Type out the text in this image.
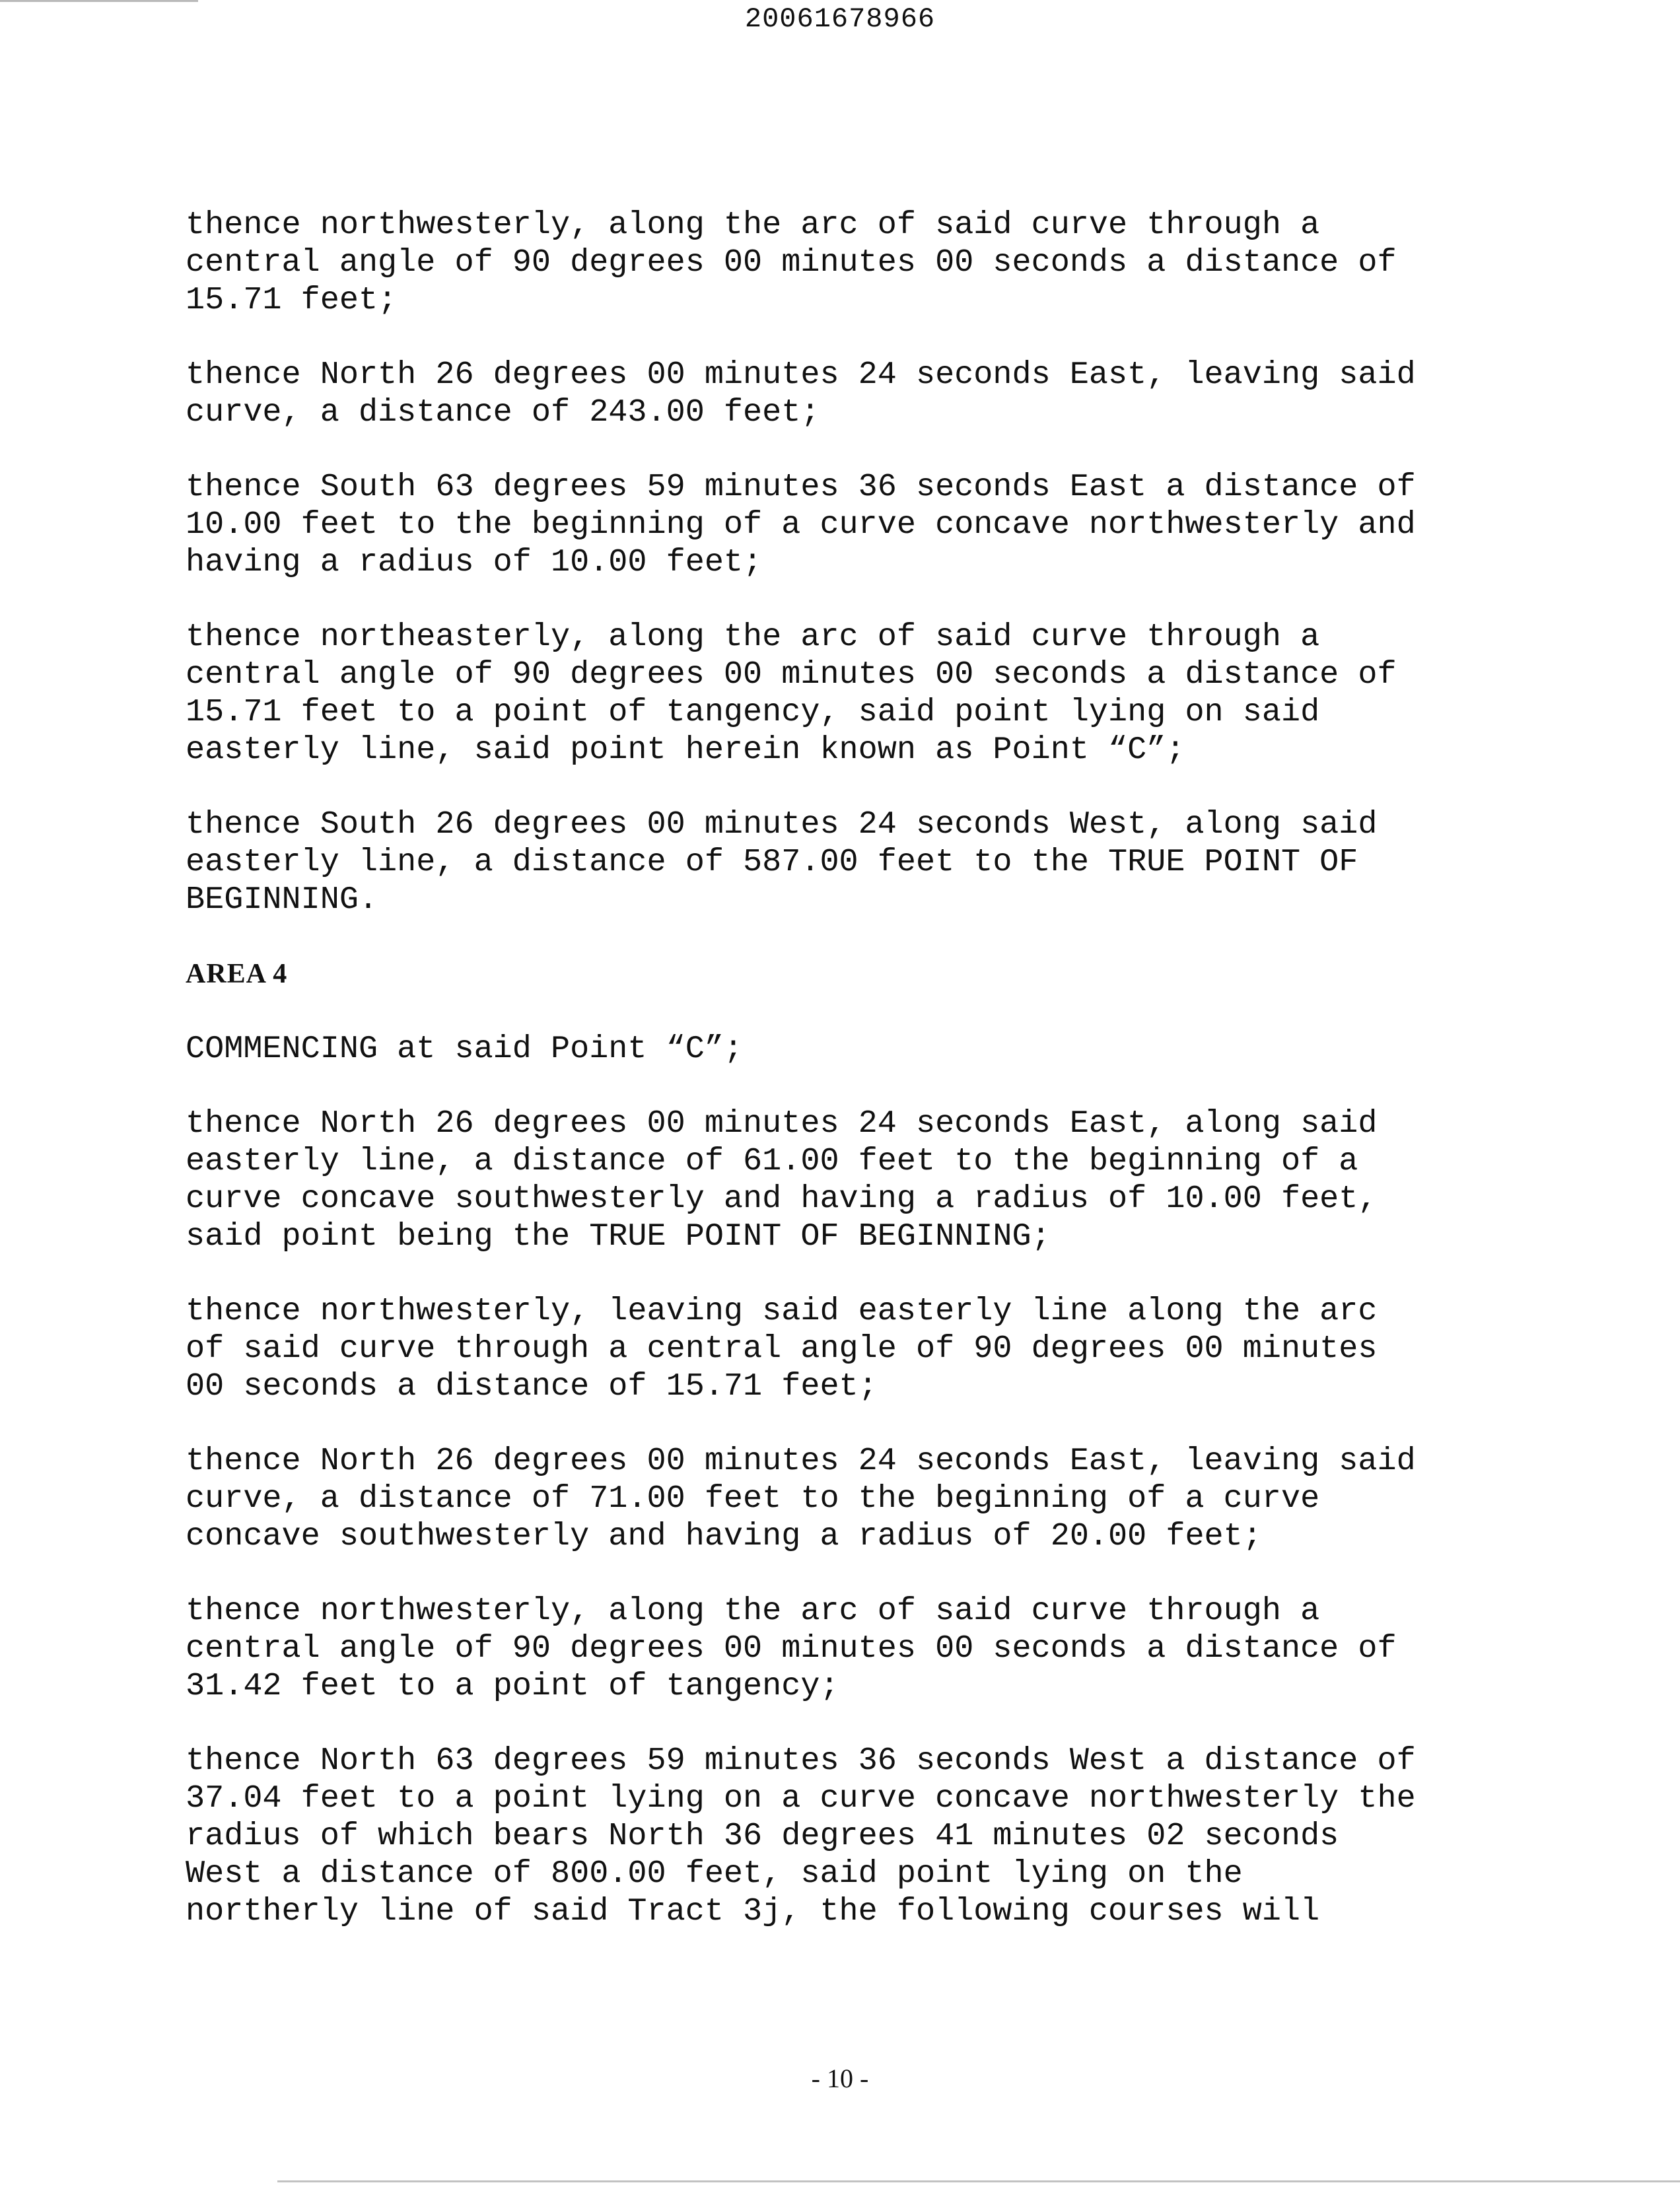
20061678966
thence northwesterly, along the arc of said curve through a
central angle of 90 degrees 00 minutes 00 seconds a distance of
15.71 feet;
thence North 26 degrees 00 minutes 24 seconds East, leaving said
curve, a distance of 243.00 feet;
thence South 63 degrees 59 minutes 36 seconds East a distance of
10.00 feet to the beginning of a curve concave northwesterly and
having a radius of 10.00 feet;
thence northeasterly, along the arc of said curve through a
central angle of 90 degrees 00 minutes 00 seconds a distance of
15.71 feet to a point of tangency, said point lying on said
easterly line, said point herein known as Point “C”;
thence South 26 degrees 00 minutes 24 seconds West, along said
easterly line, a distance of 587.00 feet to the TRUE POINT OF
BEGINNING.
AREA 4
COMMENCING at said Point “C”;
thence North 26 degrees 00 minutes 24 seconds East, along said
easterly line, a distance of 61.00 feet to the beginning of a
curve concave southwesterly and having a radius of 10.00 feet,
said point being the TRUE POINT OF BEGINNING;
thence northwesterly, leaving said easterly line along the arc
of said curve through a central angle of 90 degrees 00 minutes
00 seconds a distance of 15.71 feet;
thence North 26 degrees 00 minutes 24 seconds East, leaving said
curve, a distance of 71.00 feet to the beginning of a curve
concave southwesterly and having a radius of 20.00 feet;
thence northwesterly, along the arc of said curve through a
central angle of 90 degrees 00 minutes 00 seconds a distance of
31.42 feet to a point of tangency;
thence North 63 degrees 59 minutes 36 seconds West a distance of
37.04 feet to a point lying on a curve concave northwesterly the
radius of which bears North 36 degrees 41 minutes 02 seconds
West a distance of 800.00 feet, said point lying on the
northerly line of said Tract 3j, the following courses will
- 10 -
